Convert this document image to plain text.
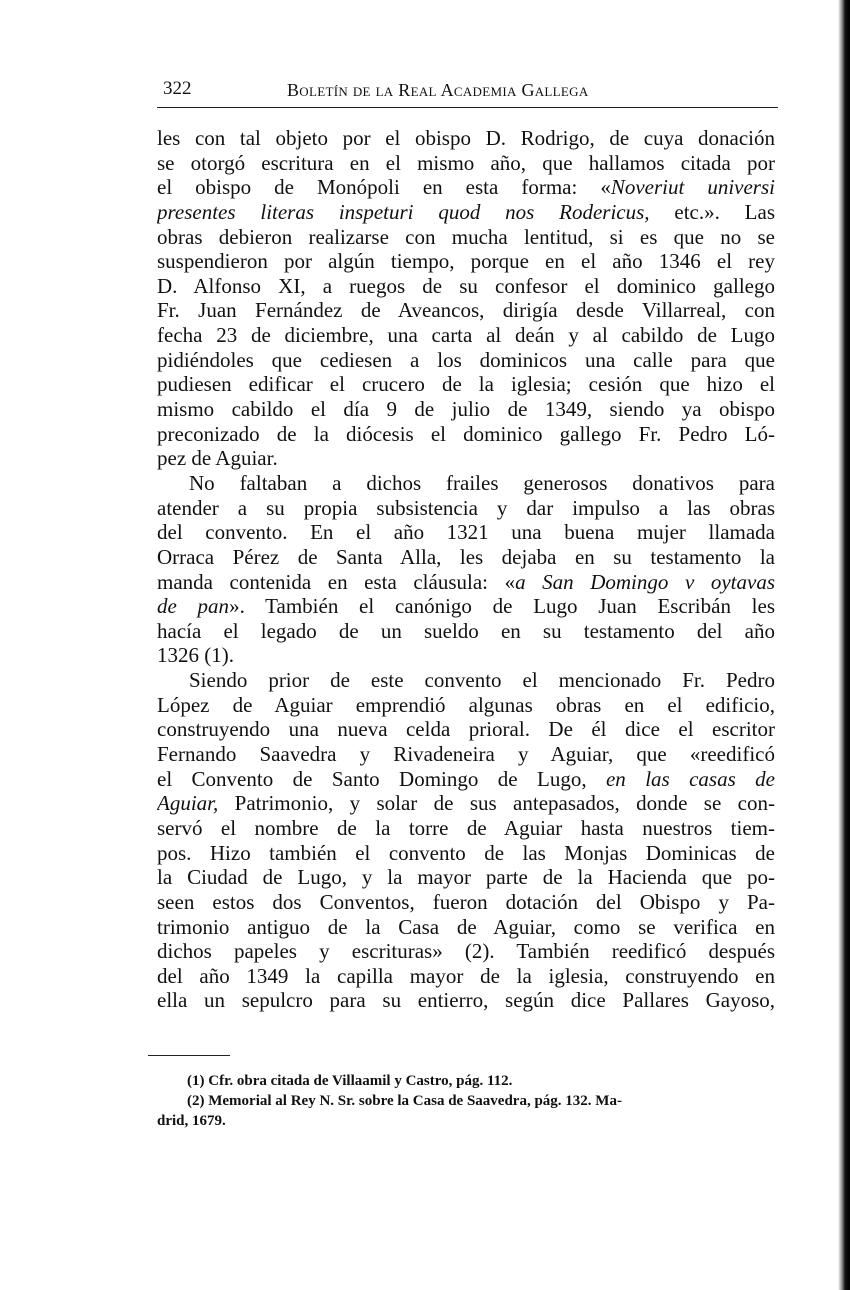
322	Boletín de la Real Academia Gallega
les con tal objeto por el obispo D. Rodrigo, de cuya donación
se otorgó escritura en el mismo año, que hallamos citada por
el obispo de Monópoli en esta forma: «Noveriut universi
presentes literas inspeturi quod nos Rodericus, etc.». Las
obras debieron realizarse con mucha lentitud, si es que no se
suspendieron por algún tiempo, porque en el año 1346 el rey
D. Alfonso XI, a ruegos de su confesor el dominico gallego
Fr. Juan Fernández de Aveancos, dirigía desde Villarreal, con
fecha 23 de diciembre, una carta al deán y al cabildo de Lugo
pidiéndoles que cediesen a los dominicos una calle para que
pudiesen edificar el crucero de la iglesia; cesión que hizo el
mismo cabildo el día 9 de julio de 1349, siendo ya obispo
preconizado de la diócesis el dominico gallego Fr. Pedro Ló-
pez de Aguiar.
No faltaban a dichos frailes generosos donativos para
atender a su propia subsistencia y dar impulso a las obras
del convento. En el año 1321 una buena mujer llamada
Orraca Pérez de Santa Alla, les dejaba en su testamento la
manda contenida en esta cláusula: «a San Domingo v oytavas
de pan». También el canónigo de Lugo Juan Escribán les
hacía el legado de un sueldo en su testamento del año
1326 (1).
Siendo prior de este convento el mencionado Fr. Pedro
López de Aguiar emprendió algunas obras en el edificio,
construyendo una nueva celda prioral. De él dice el escritor
Fernando Saavedra y Rivadeneira y Aguiar, que «reedificó
el Convento de Santo Domingo de Lugo, en las casas de
Aguiar, Patrimonio, y solar de sus antepasados, donde se con-
servó el nombre de la torre de Aguiar hasta nuestros tiem-
pos. Hizo también el convento de las Monjas Dominicas de
la Ciudad de Lugo, y la mayor parte de la Hacienda que po-
seen estos dos Conventos, fueron dotación del Obispo y Pa-
trimonio antiguo de la Casa de Aguiar, como se verifica en
dichos papeles y escrituras» (2). También reedificó después
del año 1349 la capilla mayor de la iglesia, construyendo en
ella un sepulcro para su entierro, según dice Pallares Gayoso,
(1) Cfr. obra citada de Villaamil y Castro, pág. 112.
(2) Memorial al Rey N. Sr. sobre la Casa de Saavedra, pág. 132. Ma-
drid, 1679.
